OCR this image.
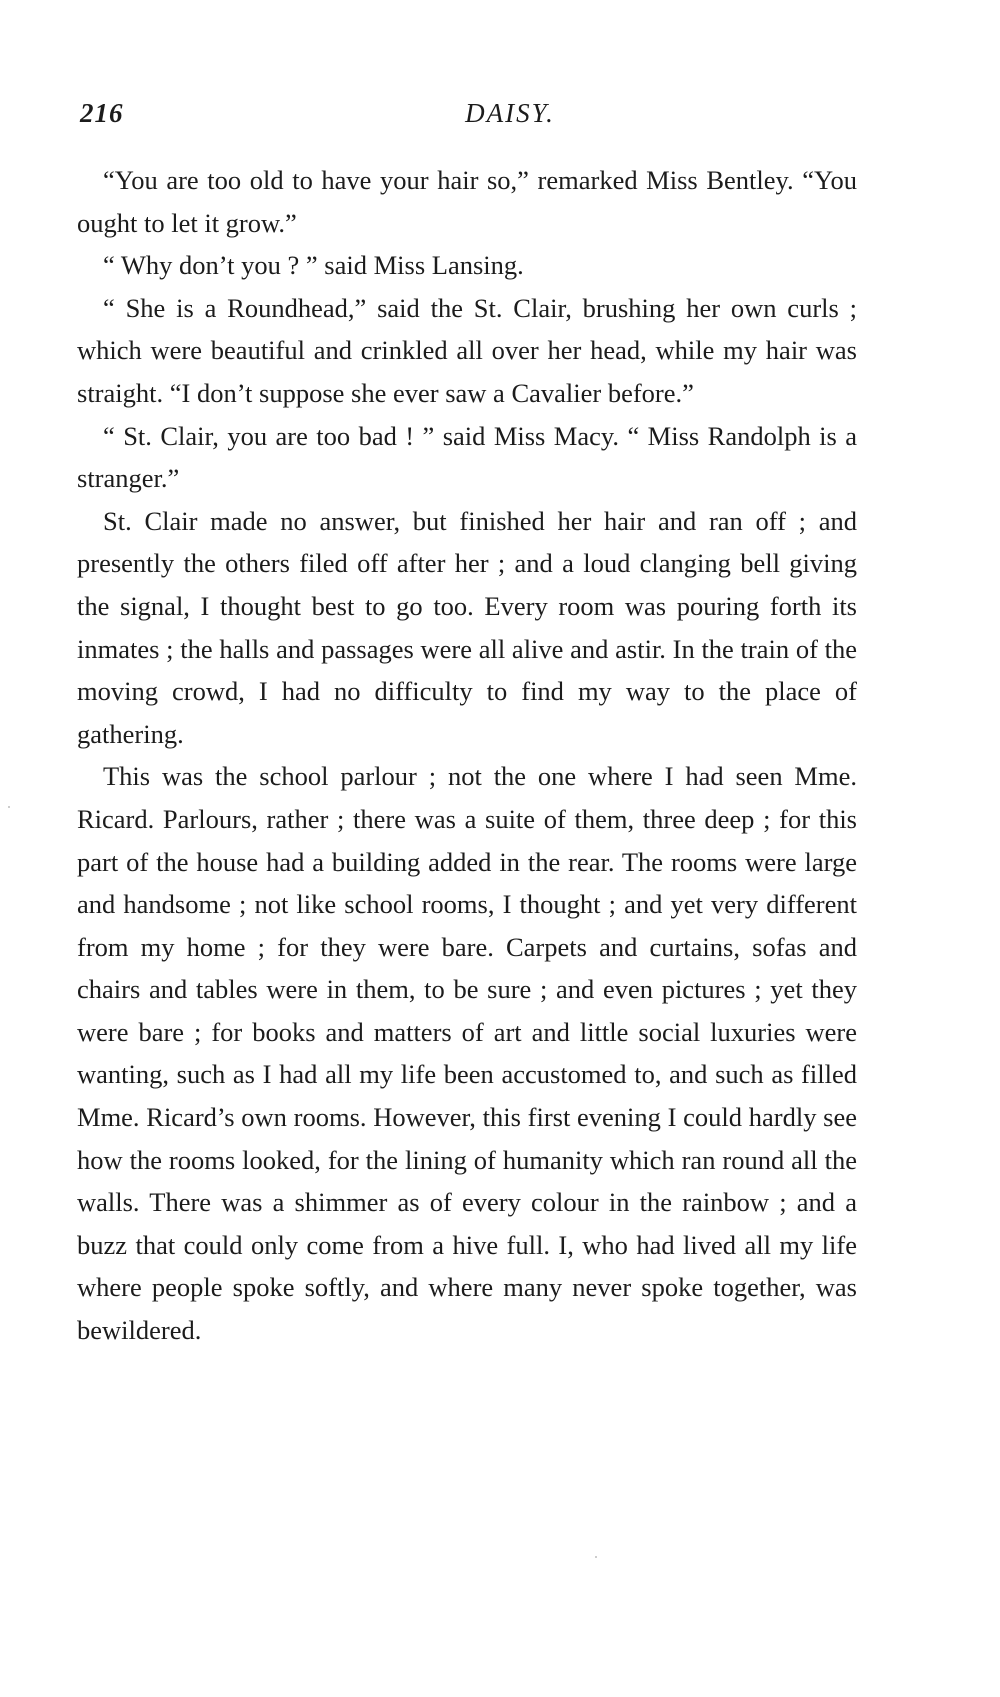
216	DAISY.

“You are too old to have your hair so,” remarked Miss Bentley. “You ought to let it grow.”

“ Why don’t you ? ” said Miss Lansing.

“ She is a Roundhead,” said the St. Clair, brushing her own curls ; which were beautiful and crinkled all over her head, while my hair was straight. “I don’t suppose she ever saw a Cavalier before.”

“ St. Clair, you are too bad ! ” said Miss Macy. “ Miss Randolph is a stranger.”

St. Clair made no answer, but finished her hair and ran off ; and presently the others filed off after her ; and a loud clanging bell giving the signal, I thought best to go too. Every room was pouring forth its inmates ; the halls and passages were all alive and astir. In the train of the moving crowd, I had no difficulty to find my way to the place of gathering.

This was the school parlour ; not the one where I had seen Mme. Ricard. Parlours, rather ; there was a suite of them, three deep ; for this part of the house had a building added in the rear. The rooms were large and handsome ; not like school rooms, I thought ; and yet very different from my home ; for they were bare. Carpets and curtains, sofas and chairs and tables were in them, to be sure ; and even pictures ; yet they were bare ; for books and matters of art and little social luxuries were wanting, such as I had all my life been accustomed to, and such as filled Mme. Ricard’s own rooms. However, this first evening I could hardly see how the rooms looked, for the lining of humanity which ran round all the walls. There was a shimmer as of every colour in the rainbow ; and a buzz that could only come from a hive full. I, who had lived all my life where people spoke softly, and where many never spoke together, was bewildered.
